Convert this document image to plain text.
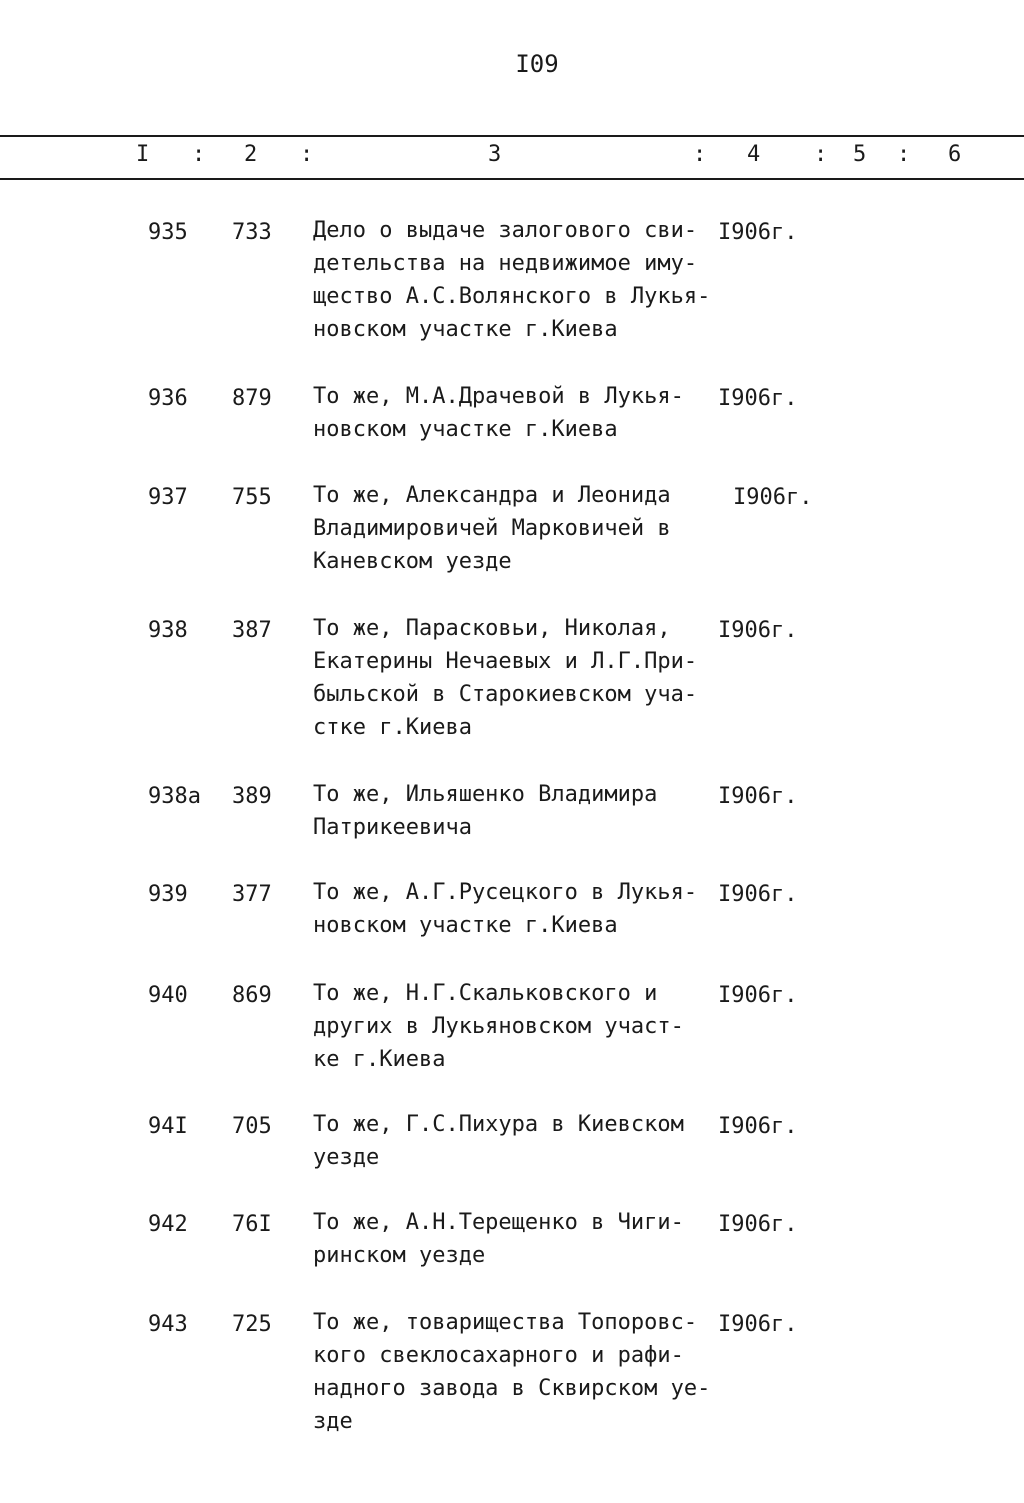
I09
I : 2 :	3	: 4 : 5 : 6
935 733 Дело о выдаче залогового сви-
детельства на недвижимое иму-
щество А.С.Волянского в Лукья-
новском участке г.Киева
I906г.
936 879 То же, М.А.Драчевой в Лукья-
новском участке г.Киева
I906г.
937 755 То же, Александра и Леонида
Владимировичей Марковичей в
Каневском уезде
I906г.
938 387 То же, Парасковьи, Николая,
Екатерины Нечаевых и Л.Г.При-
быльской в Старокиевском уча-
стке г.Киева
I906г.
938а 389 То же, Ильяшенко Владимира
Патрикеевича
I906г.
939 377 То же, А.Г.Русецкого в Лукья-
новском участке г.Киева
I906г.
940 869 То же, Н.Г.Скальковского и
других в Лукьяновском участ-
ке г.Киева
I906г.
94I 705 То же, Г.С.Пихура в Киевском
уезде
I906г.
942 76I То же, А.Н.Терещенко в Чиги-
ринском уезде
I906г.
943 725 То же, товарищества Топоровс-
кого свеклосахарного и рафи-
надного завода в Сквирском уе-
зде
I906г.
